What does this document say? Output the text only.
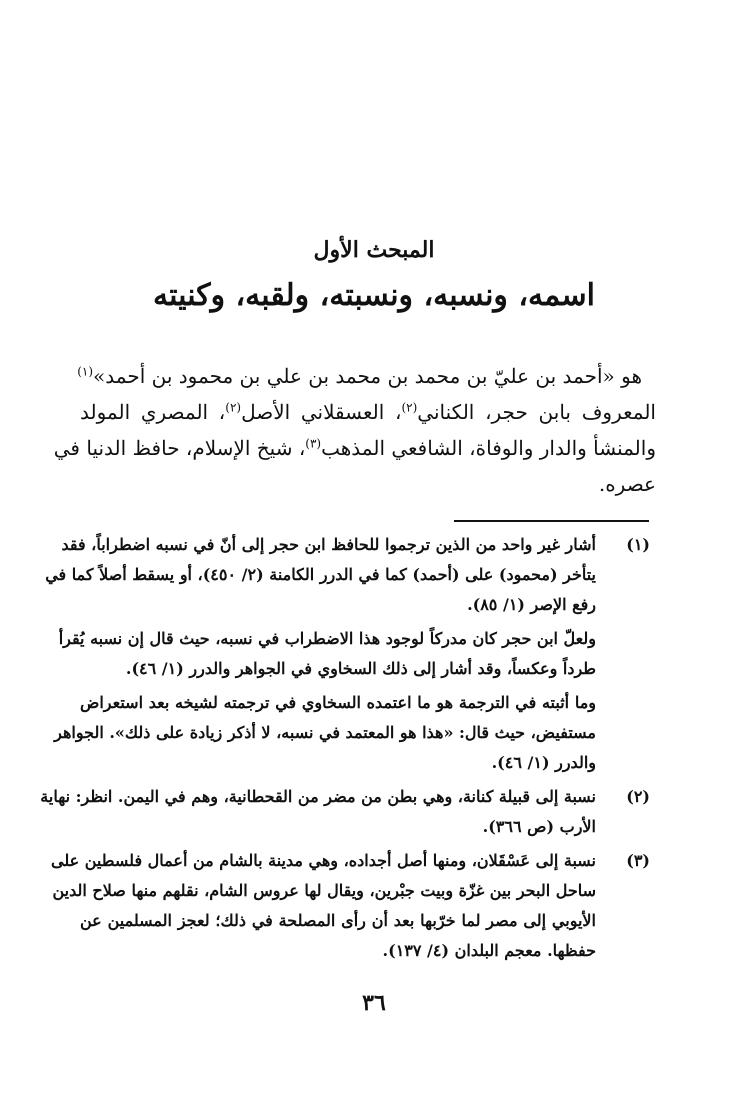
المبحث الأول
اسمه، ونسبه، ونسبته، ولقبه، وكنيته
هو «أحمد بن عليّ بن محمد بن محمد بن علي بن محمود بن أحمد»$^{(١)}$
المعروف بابن حجر، الكناني$^{(٢)}$، العسقلاني الأصل$^{(٢)}$، المصري المولد
والمنشأ والدار والوفاة، الشافعي المذهب$^{(٣)}$، شيخ الإسلام، حافظ الدنيا في
عصره.
(١)
أشار غير واحد من الذين ترجموا للحافظ ابن حجر إلى أنّ في نسبه اضطراباً، فقد
يتأخر (محمود) على (أحمد) كما في الدرر الكامنة (٢/ ٤٥٠)، أو يسقط أصلاً كما في
رفع الإصر (١/ ٨٥).
ولعلّ ابن حجر كان مدركاً لوجود هذا الاضطراب في نسبه، حيث قال إن نسبه يُقرأ
طرداً وعكساً، وقد أشار إلى ذلك السخاوي في الجواهر والدرر (١/ ٤٦).
وما أثبته في الترجمة هو ما اعتمده السخاوي في ترجمته لشيخه بعد استعراض
مستفيض، حيث قال: «هذا هو المعتمد في نسبه، لا أذكر زيادة على ذلك». الجواهر
والدرر (١/ ٤٦).
(٢)
نسبة إلى قبيلة كنانة، وهي بطن من مضر من القحطانية، وهم في اليمن. انظر: نهاية
الأرب (ص ٣٦٦).
(٣)
نسبة إلى عَسْقَلان، ومنها أصل أجداده، وهي مدينة بالشام من أعمال فلسطين على
ساحل البحر بين غزّة وبيت جبْرين، ويقال لها عروس الشام، نقلهم منها صلاح الدين
الأيوبي إلى مصر لما خرّبها بعد أن رأى المصلحة في ذلك؛ لعجز المسلمين عن
حفظها. معجم البلدان (٤/ ١٣٧).
٣٦
